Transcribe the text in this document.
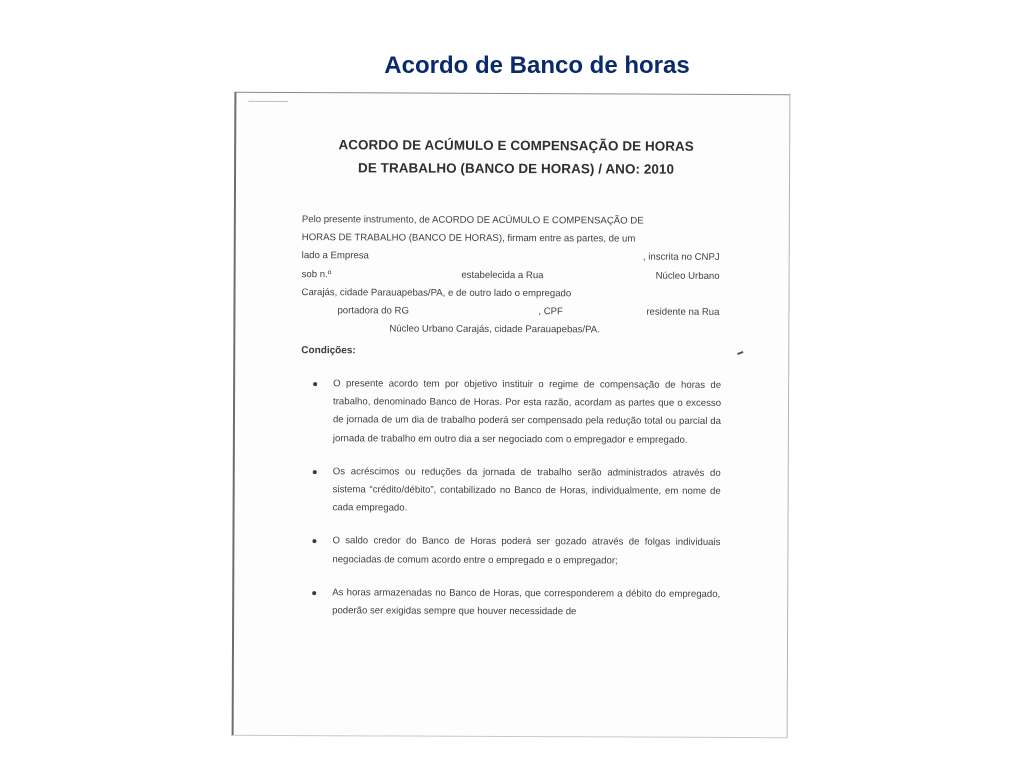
Acordo de Banco de horas
ACORDO DE ACÚMULO E COMPENSAÇÃO DE HORAS
DE TRABALHO (BANCO DE HORAS) / ANO: 2010
Pelo presente instrumento, de ACORDO DE ACÚMULO E COMPENSAÇÃO DE
HORAS DE TRABALHO (BANCO DE HORAS), firmam entre as partes, de um
lado a Empresa	, inscrita no CNPJ
sob n.º	estabelecida a Rua	Núcleo Urbano
Carajás, cidade Parauapebas/PA, e de outro lado o empregado
portadora do RG	, CPF	residente na Rua
Núcleo Urbano Carajás, cidade Parauapebas/PA.
Condições:
O presente acordo tem por objetivo instituir o regime de compensação de horas de trabalho, denominado Banco de Horas. Por esta razão, acordam as partes que o excesso de jornada de um dia de trabalho poderá ser compensado pela redução total ou parcial da jornada de trabalho em outro dia a ser negociado com o empregador e empregado.
Os acréscimos ou reduções da jornada de trabalho serão administrados através do sistema “crédito/débito”, contabilizado no Banco de Horas, individualmente, em nome de cada empregado.
O saldo credor do Banco de Horas poderá ser gozado através de folgas individuais negociadas de comum acordo entre o empregado e o empregador;
As horas armazenadas no Banco de Horas, que corresponderem a débito do empregado, poderão ser exigidas sempre que houver necessidade de
